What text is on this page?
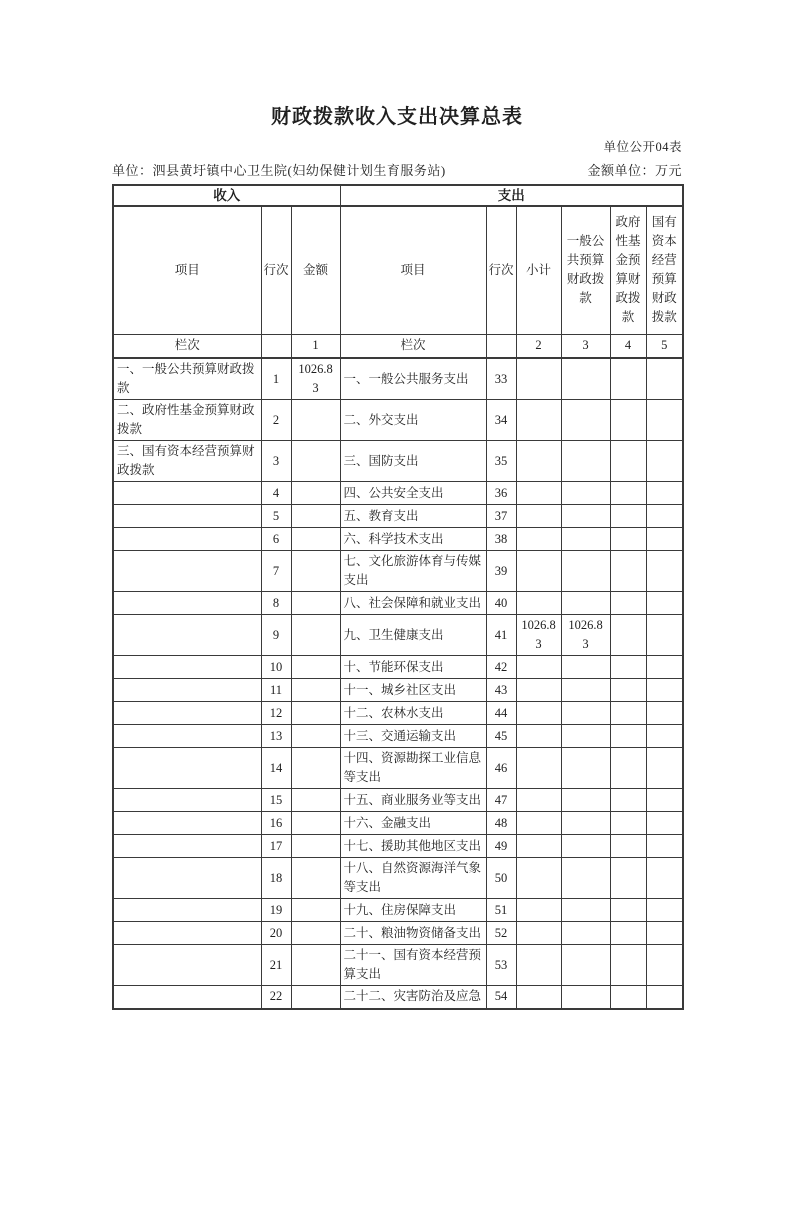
财政拨款收入支出决算总表
单位公开04表
单位：泗县黄圩镇中心卫生院(妇幼保健计划生育服务站)	金额单位：万元
收入			支出					
项目	行次	金额	项目	行次	小计	一般公共预算财政拨款	政府性基金预算财政拨款	国有资本经营预算财政拨款
栏次		1	栏次		2	3	4	5
一、一般公共预算财政拨款	1	1026.83	一、一般公共服务支出	33				
二、政府性基金预算财政拨款	2		二、外交支出	34				
三、国有资本经营预算财政拨款	3		三、国防支出	35				
	4		四、公共安全支出	36				
	5		五、教育支出	37				
	6		六、科学技术支出	38				
	7		七、文化旅游体育与传媒支出	39				
	8		八、社会保障和就业支出	40				
	9		九、卫生健康支出	41	1026.83	1026.83		
	10		十、节能环保支出	42				
	11		十一、城乡社区支出	43				
	12		十二、农林水支出	44				
	13		十三、交通运输支出	45				
	14		十四、资源勘探工业信息等支出	46				
	15		十五、商业服务业等支出	47				
	16		十六、金融支出	48				
	17		十七、援助其他地区支出	49				
	18		十八、自然资源海洋气象等支出	50				
	19		十九、住房保障支出	51				
	20		二十、粮油物资储备支出	52				
	21		二十一、国有资本经营预算支出	53				
	22		二十二、灾害防治及应急	54				
